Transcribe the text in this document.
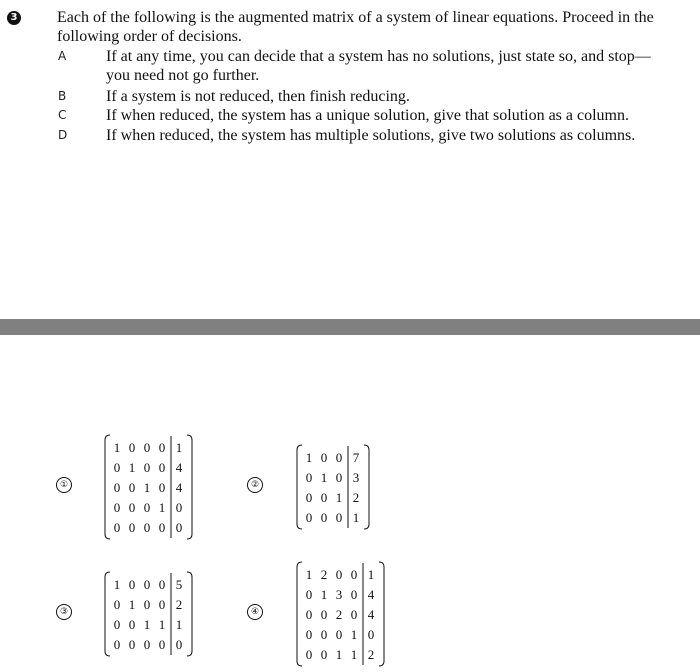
3 Each of the following is the augmented matrix of a system of linear equations. Proceed in the following order of decisions.

A If at any time, you can decide that a system has no solutions, just state so, and stop—you need not go further.
B If a system is not reduced, then finish reducing.
C If when reduced, the system has a unique solution, give that solution as a column.
D If when reduced, the system has multiple solutions, give two solutions as columns.
①
1 0 0 0 1
0 1 0 0 4
0 0 1 0 4
0 0 0 1 0
0 0 0 0 0
②
1 0 0 7
0 1 0 3
0 0 1 2
0 0 0 1
③
1 0 0 0 5
0 1 0 0 2
0 0 1 1 1
0 0 0 0 0
④
1 2 0 0 1
0 1 3 0 4
0 0 2 0 4
0 0 0 1 0
0 0 1 1 2
